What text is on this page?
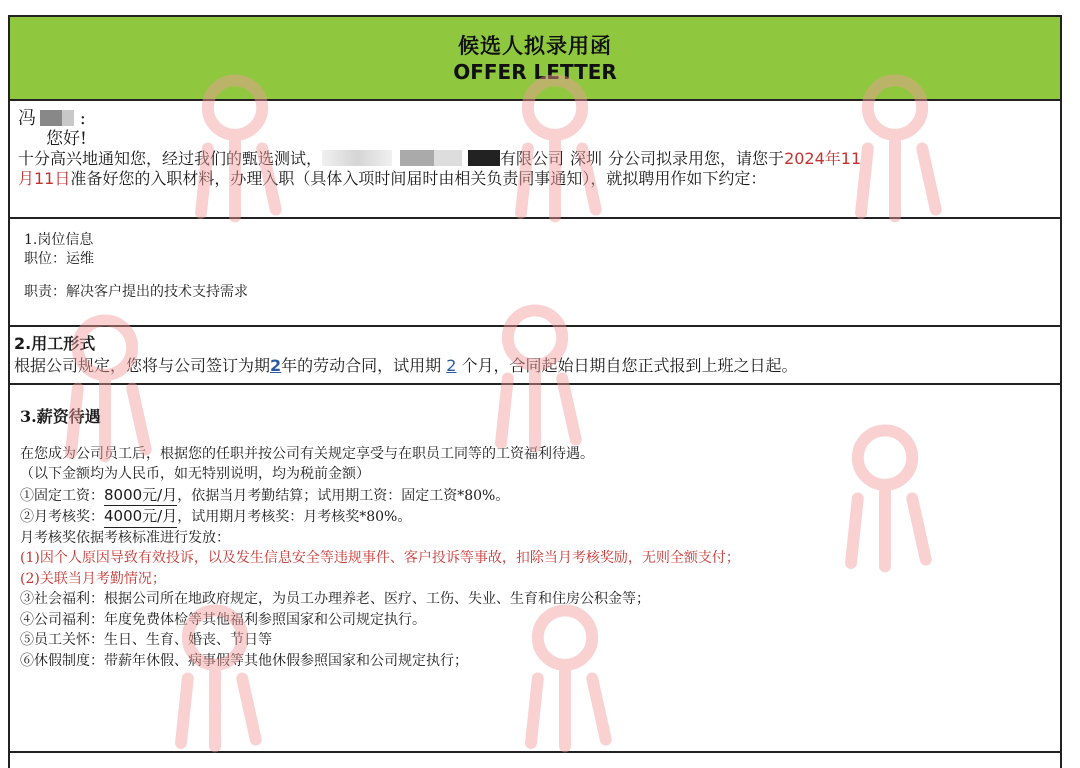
候选人拟录用函
OFFER LETTER
冯 :
您好!
十分高兴地通知您，经过我们的甄选测试，	有限公司 深圳 分公司拟录用您，请您于2024年11
月11日准备好您的入职材料，办理入职（具体入项时间届时由相关负责同事通知），就拟聘用作如下约定：
1.岗位信息
职位：运维
职责：解决客户提出的技术支持需求
2.用工形式
根据公司规定，您将与公司签订为期2年的劳动合同，试用期 2 个月，合同起始日期自您正式报到上班之日起。
3.薪资待遇
在您成为公司员工后，根据您的任职并按公司有关规定享受与在职员工同等的工资福利待遇。
（以下金额均为人民币，如无特别说明，均为税前金额）
①固定工资：8000元/月，依据当月考勤结算；试用期工资：固定工资*80%。
②月考核奖：4000元/月，试用期月考核奖：月考核奖*80%。
月考核奖依据考核标准进行发放：
(1)因个人原因导致有效投诉，以及发生信息安全等违规事件、客户投诉等事故，扣除当月考核奖励，无则全额支付；
(2)关联当月考勤情况；
③社会福利：根据公司所在地政府规定，为员工办理养老、医疗、工伤、失业、生育和住房公积金等；
④公司福利：年度免费体检等其他福利参照国家和公司规定执行。
⑤员工关怀：生日、生育、婚丧、节日等
⑥休假制度：带薪年休假、病事假等其他休假参照国家和公司规定执行；
